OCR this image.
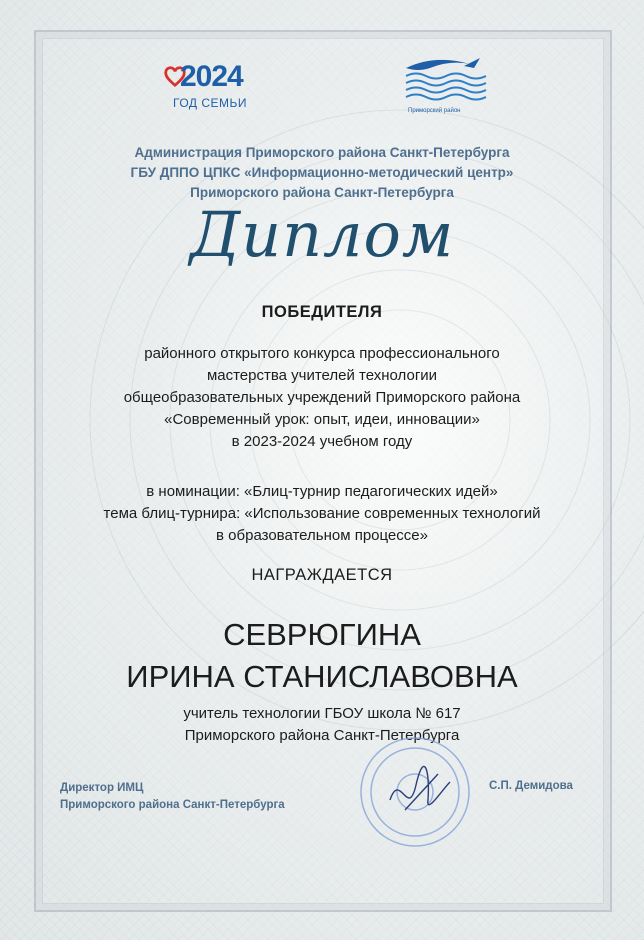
2024
ГОД СЕМЬИ
Приморский район
Администрация Приморского района Санкт-Петербурга
ГБУ ДППО ЦПКС «Информационно-методический центр»
Приморского района Санкт-Петербурга
Диплом
ПОБЕДИТЕЛЯ
районного открытого конкурса профессионального
мастерства учителей технологии
общеобразовательных учреждений Приморского района
«Современный урок: опыт, идеи, инновации»
в 2023-2024 учебном году
в номинации: «Блиц-турнир педагогических идей»
тема блиц-турнира: «Использование современных технологий
в образовательном процессе»
НАГРАЖДАЕТСЯ
СЕВРЮГИНА
ИРИНА СТАНИСЛАВОВНА
учитель технологии ГБОУ школа № 617
Приморского района Санкт-Петербурга
Директор ИМЦ
Приморского района Санкт-Петербурга
С.П. Демидова
